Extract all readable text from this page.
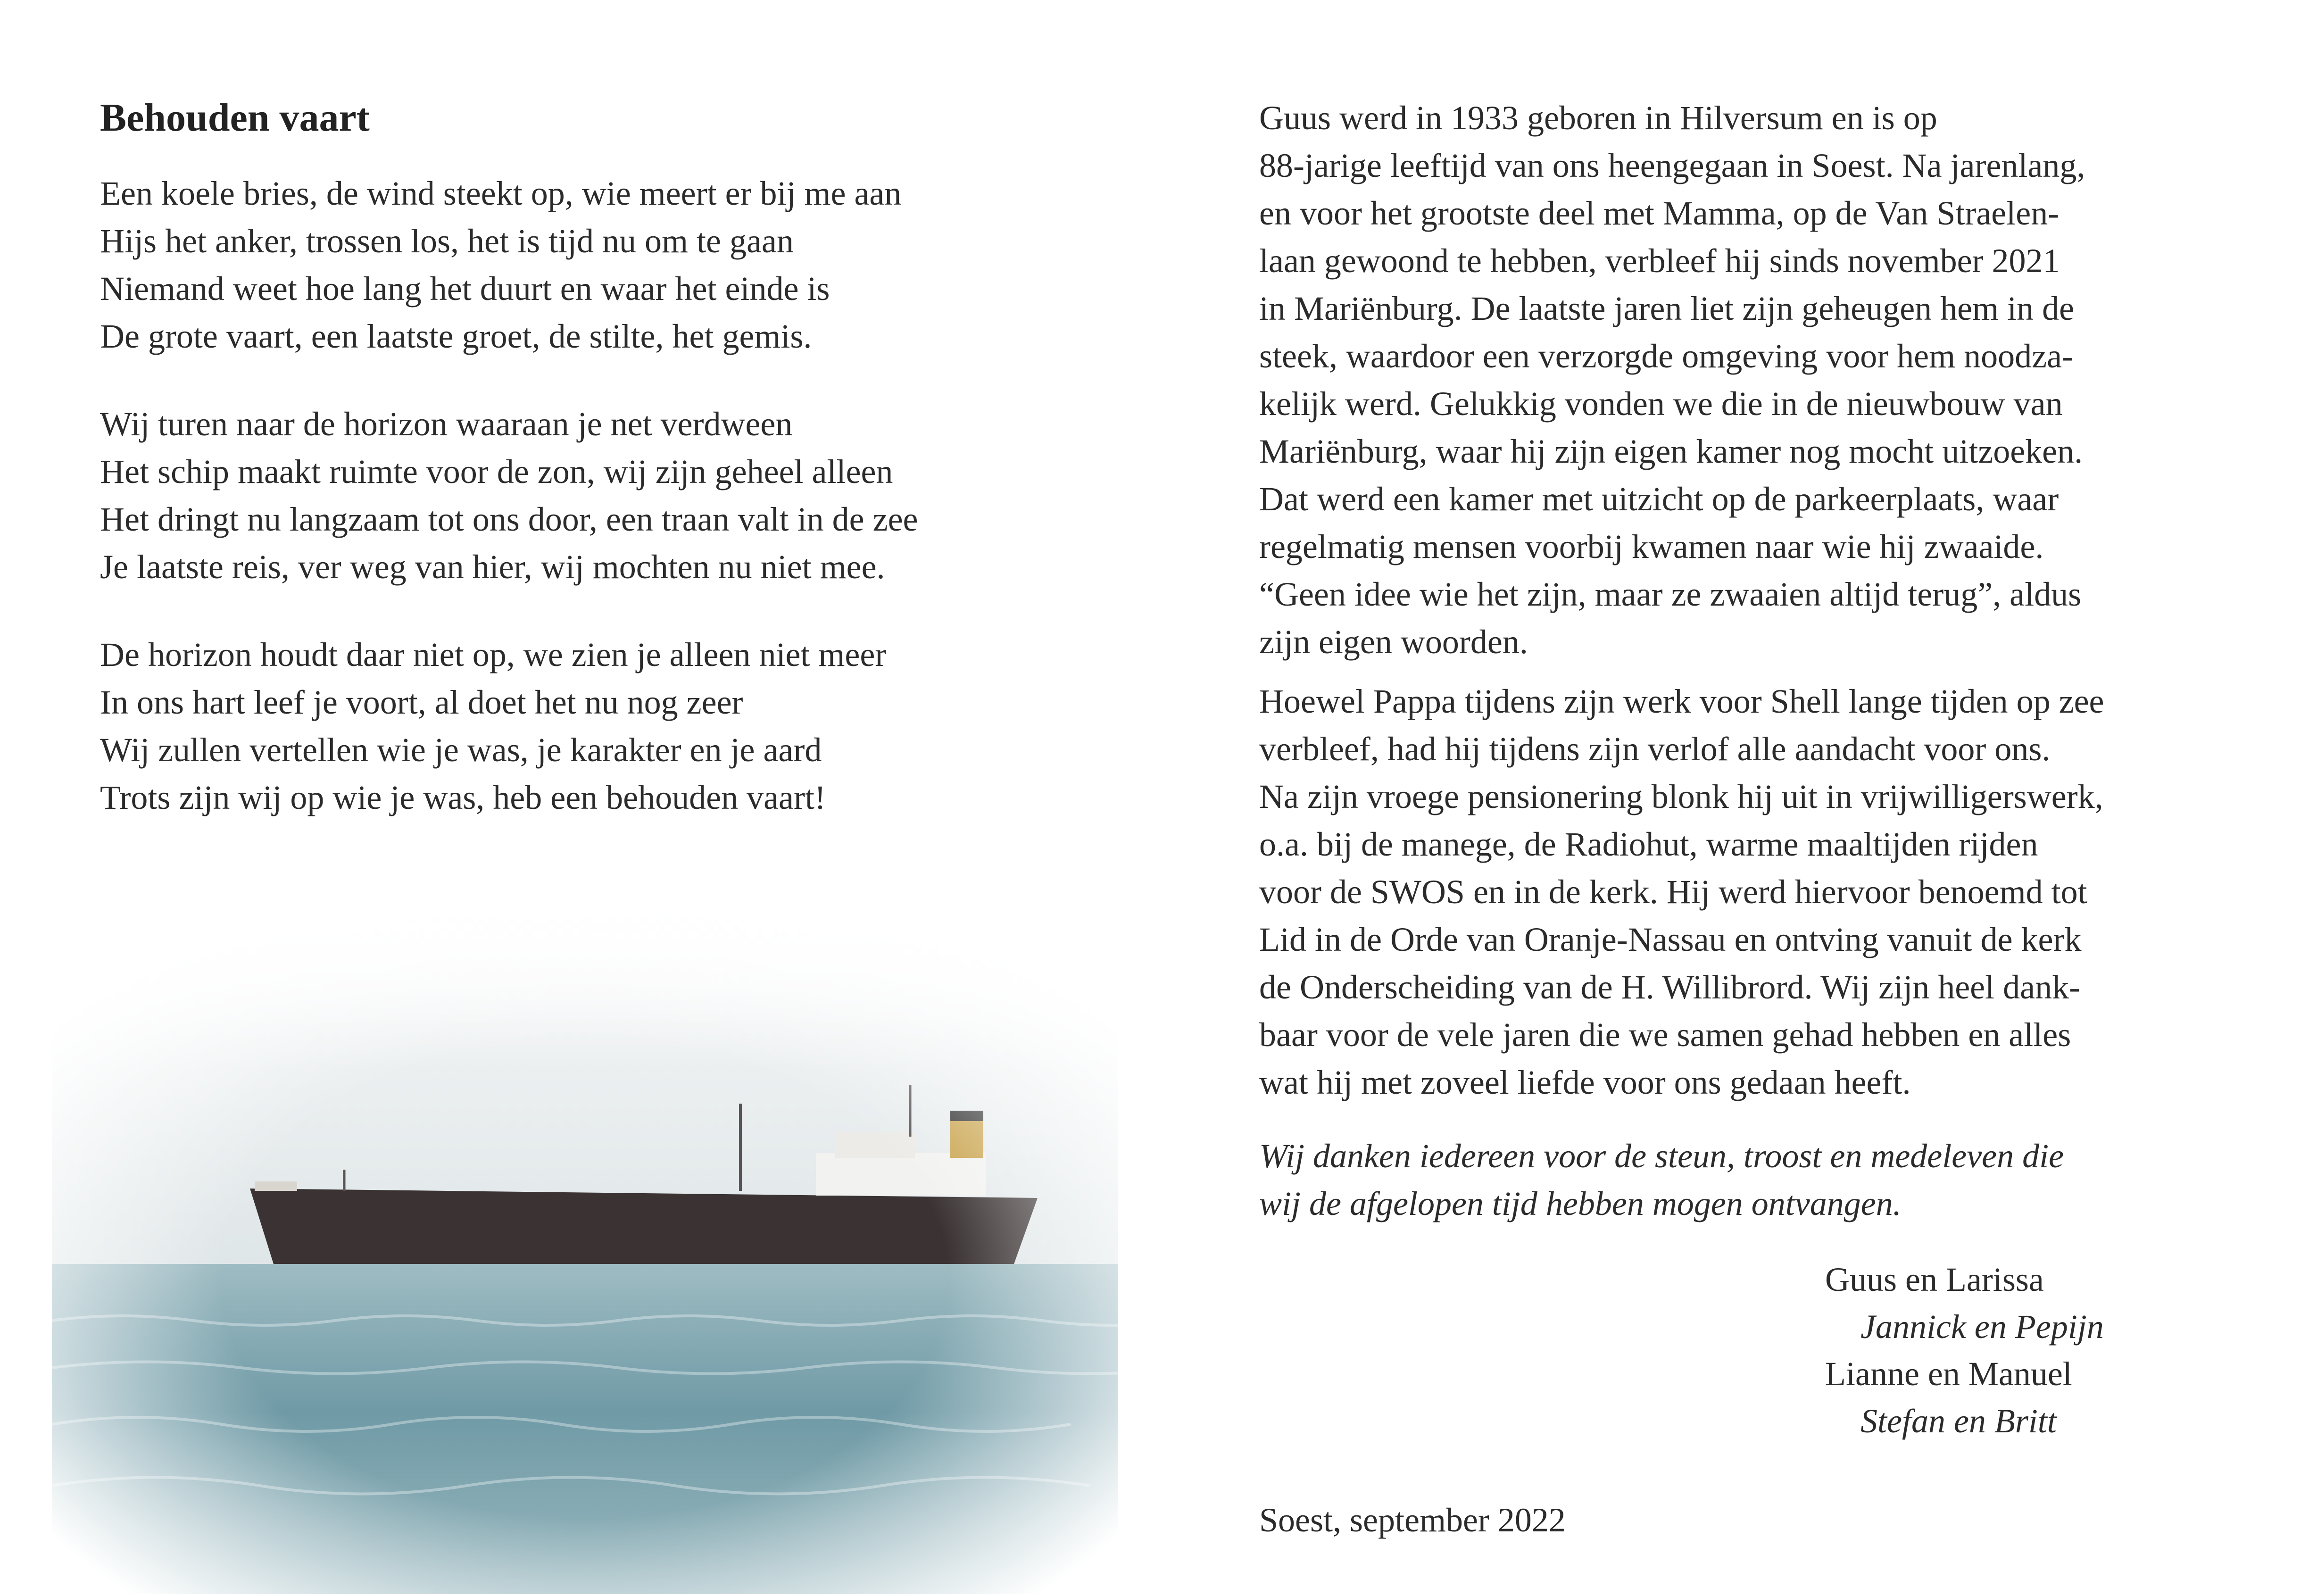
Behouden vaart
Een koele bries, de wind steekt op, wie meert er bij me aan
Hijs het anker, trossen los, het is tijd nu om te gaan
Niemand weet hoe lang het duurt en waar het einde is
De grote vaart, een laatste groet, de stilte, het gemis.
Wij turen naar de horizon waaraan je net verdween
Het schip maakt ruimte voor de zon, wij zijn geheel alleen
Het dringt nu langzaam tot ons door, een traan valt in de zee
Je laatste reis, ver weg van hier, wij mochten nu niet mee.
De horizon houdt daar niet op, we zien je alleen niet meer
In ons hart leef je voort, al doet het nu nog zeer
Wij zullen vertellen wie je was, je karakter en je aard
Trots zijn wij op wie je was, heb een behouden vaart!
Guus werd in 1933 geboren in Hilversum en is op
88-jarige leeftijd van ons heengegaan in Soest. Na jarenlang,
en voor het grootste deel met Mamma, op de Van Straelen-
laan gewoond te hebben, verbleef hij sinds november 2021
in Mariënburg. De laatste jaren liet zijn geheugen hem in de
steek, waardoor een verzorgde omgeving voor hem noodza-
kelijk werd. Gelukkig vonden we die in de nieuwbouw van
Mariënburg, waar hij zijn eigen kamer nog mocht uitzoeken.
Dat werd een kamer met uitzicht op de parkeerplaats, waar
regelmatig mensen voorbij kwamen naar wie hij zwaaide.
“Geen idee wie het zijn, maar ze zwaaien altijd terug”, aldus
zijn eigen woorden.
Hoewel Pappa tijdens zijn werk voor Shell lange tijden op zee
verbleef, had hij tijdens zijn verlof alle aandacht voor ons.
Na zijn vroege pensionering blonk hij uit in vrijwilligerswerk,
o.a. bij de manege, de Radiohut, warme maaltijden rijden
voor de SWOS en in de kerk. Hij werd hiervoor benoemd tot
Lid in de Orde van Oranje-Nassau en ontving vanuit de kerk
de Onderscheiding van de H. Willibrord. Wij zijn heel dank-
baar voor de vele jaren die we samen gehad hebben en alles
wat hij met zoveel liefde voor ons gedaan heeft.
Wij danken iedereen voor de steun, troost en medeleven die
wij de afgelopen tijd hebben mogen ontvangen.
Guus en Larissa
Jannick en Pepijn
Lianne en Manuel
Stefan en Britt
Soest, september 2022
